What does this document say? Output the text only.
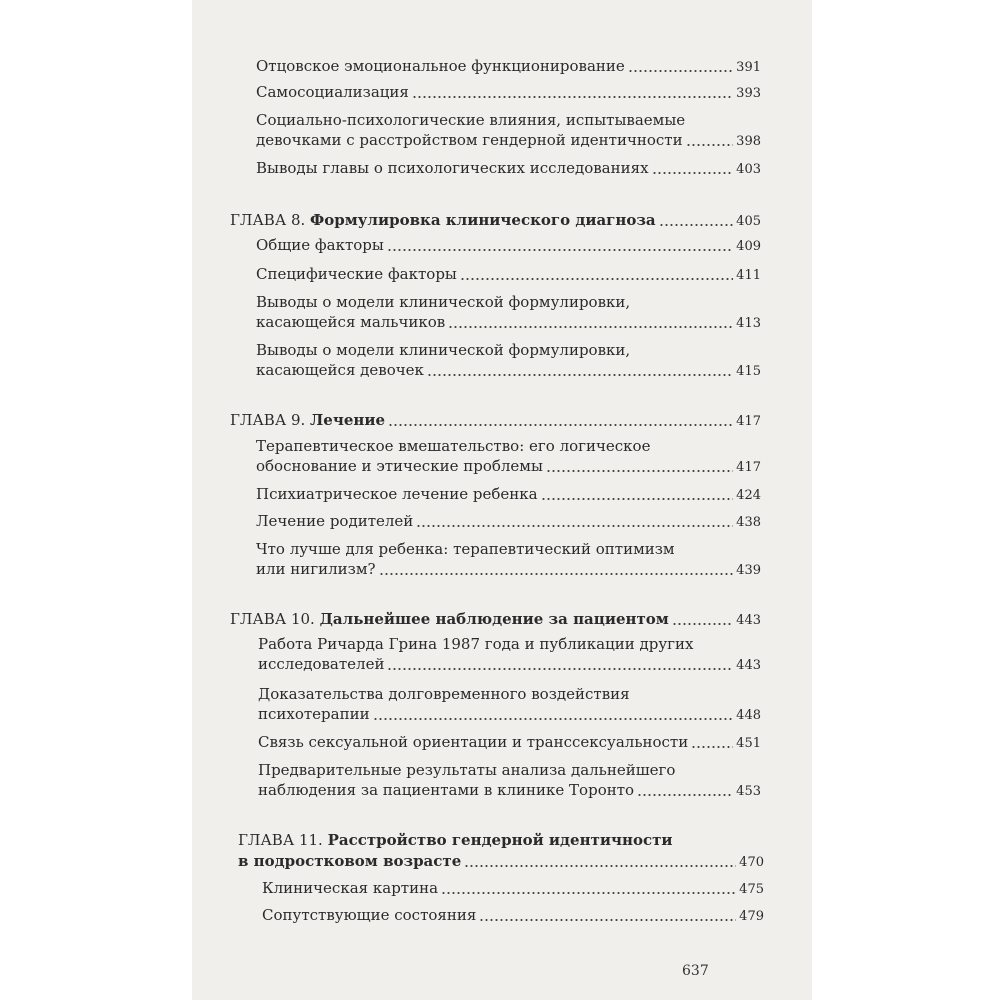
Отцовское эмоциональное функционирование	391
Самосоциализация	393
Социально-психологические влияния, испытываемые
девочками с расстройством гендерной идентичности	398
Выводы главы о психологических исследованиях	403
ГЛАВА 8. Формулировка клинического диагноза	405
Общие факторы	409
Специфические факторы	411
Выводы о модели клинической формулировки,
касающейся мальчиков	413
Выводы о модели клинической формулировки,
касающейся девочек	415
ГЛАВА 9. Лечение	417
Терапевтическое вмешательство: его логическое
обоснование и этические проблемы	417
Психиатрическое лечение ребенка	424
Лечение родителей	438
Что лучше для ребенка: терапевтический оптимизм
или нигилизм?	439
ГЛАВА 10. Дальнейшее наблюдение за пациентом	443
Работа Ричарда Грина 1987 года и публикации других
исследователей	443
Доказательства долговременного воздействия
психотерапии	448
Связь сексуальной ориентации и транссексуальности	451
Предварительные результаты анализа дальнейшего
наблюдения за пациентами в клинике Торонто	453
ГЛАВА 11. Расстройство гендерной идентичности
в подростковом возрасте	470
Клиническая картина	475
Сопутствующие состояния	479
637
